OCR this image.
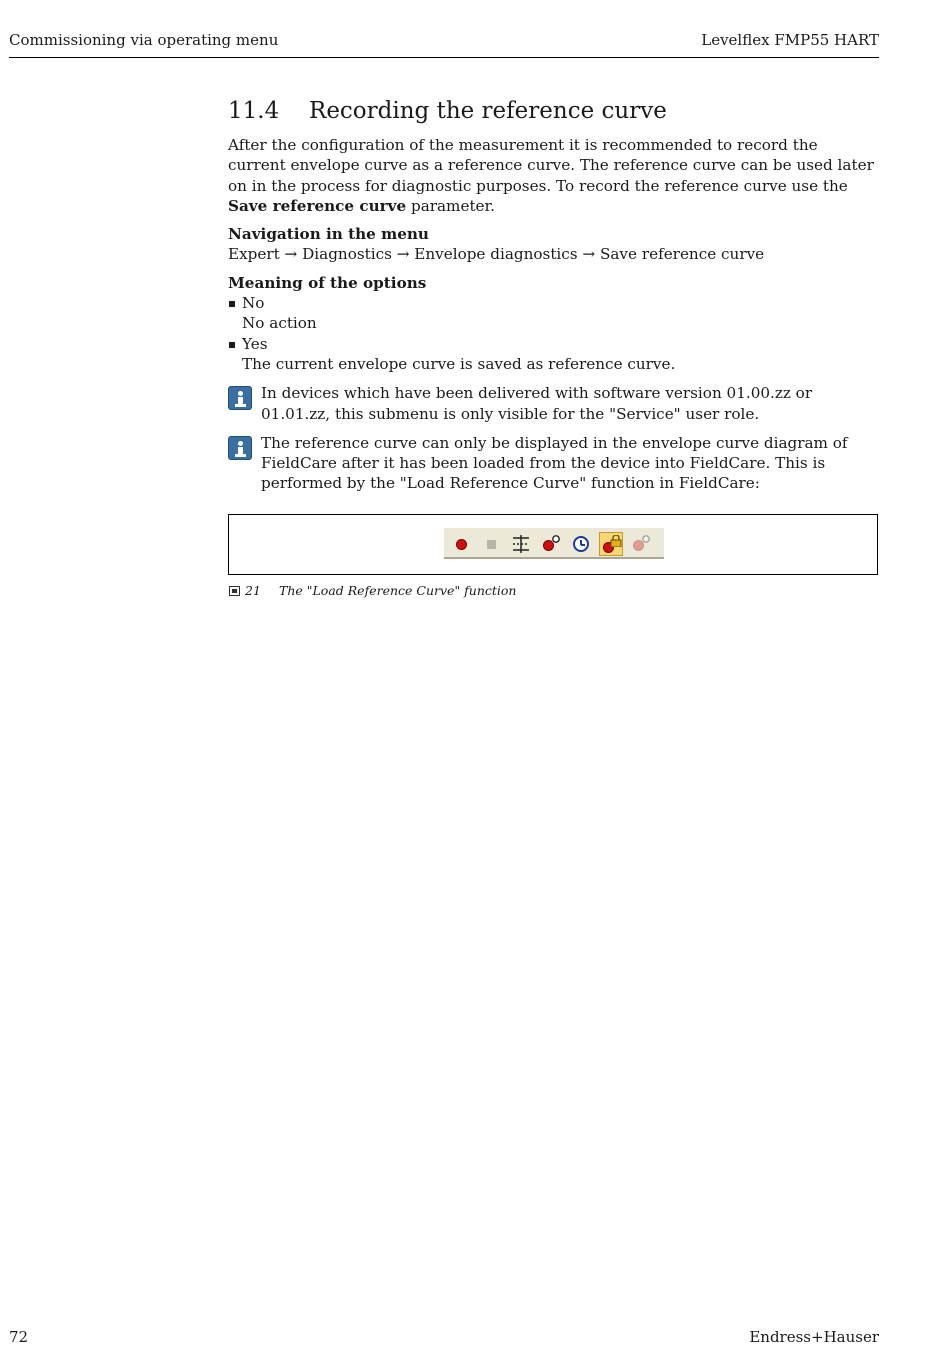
Commissioning via operating menu	Levelflex FMP55 HART
11.4	Recording the reference curve

After the configuration of the measurement it is recommended to record the current envelope curve as a reference curve. The reference curve can be used later on in the process for diagnostic purposes. To record the reference curve use the Save reference curve parameter.

Navigation in the menu
Expert → Diagnostics → Envelope diagnostics → Save reference curve
Meaning of the options
No
No action
Yes
The current envelope curve is saved as reference curve.
In devices which have been delivered with software version 01.00.zz or 01.01.zz, this submenu is only visible for the "Service" user role.
The reference curve can only be displayed in the envelope curve diagram of FieldCare after it has been loaded from the device into FieldCare. This is performed by the "Load Reference Curve" function in FieldCare:
21	The "Load Reference Curve" function
72	Endress+Hauser
